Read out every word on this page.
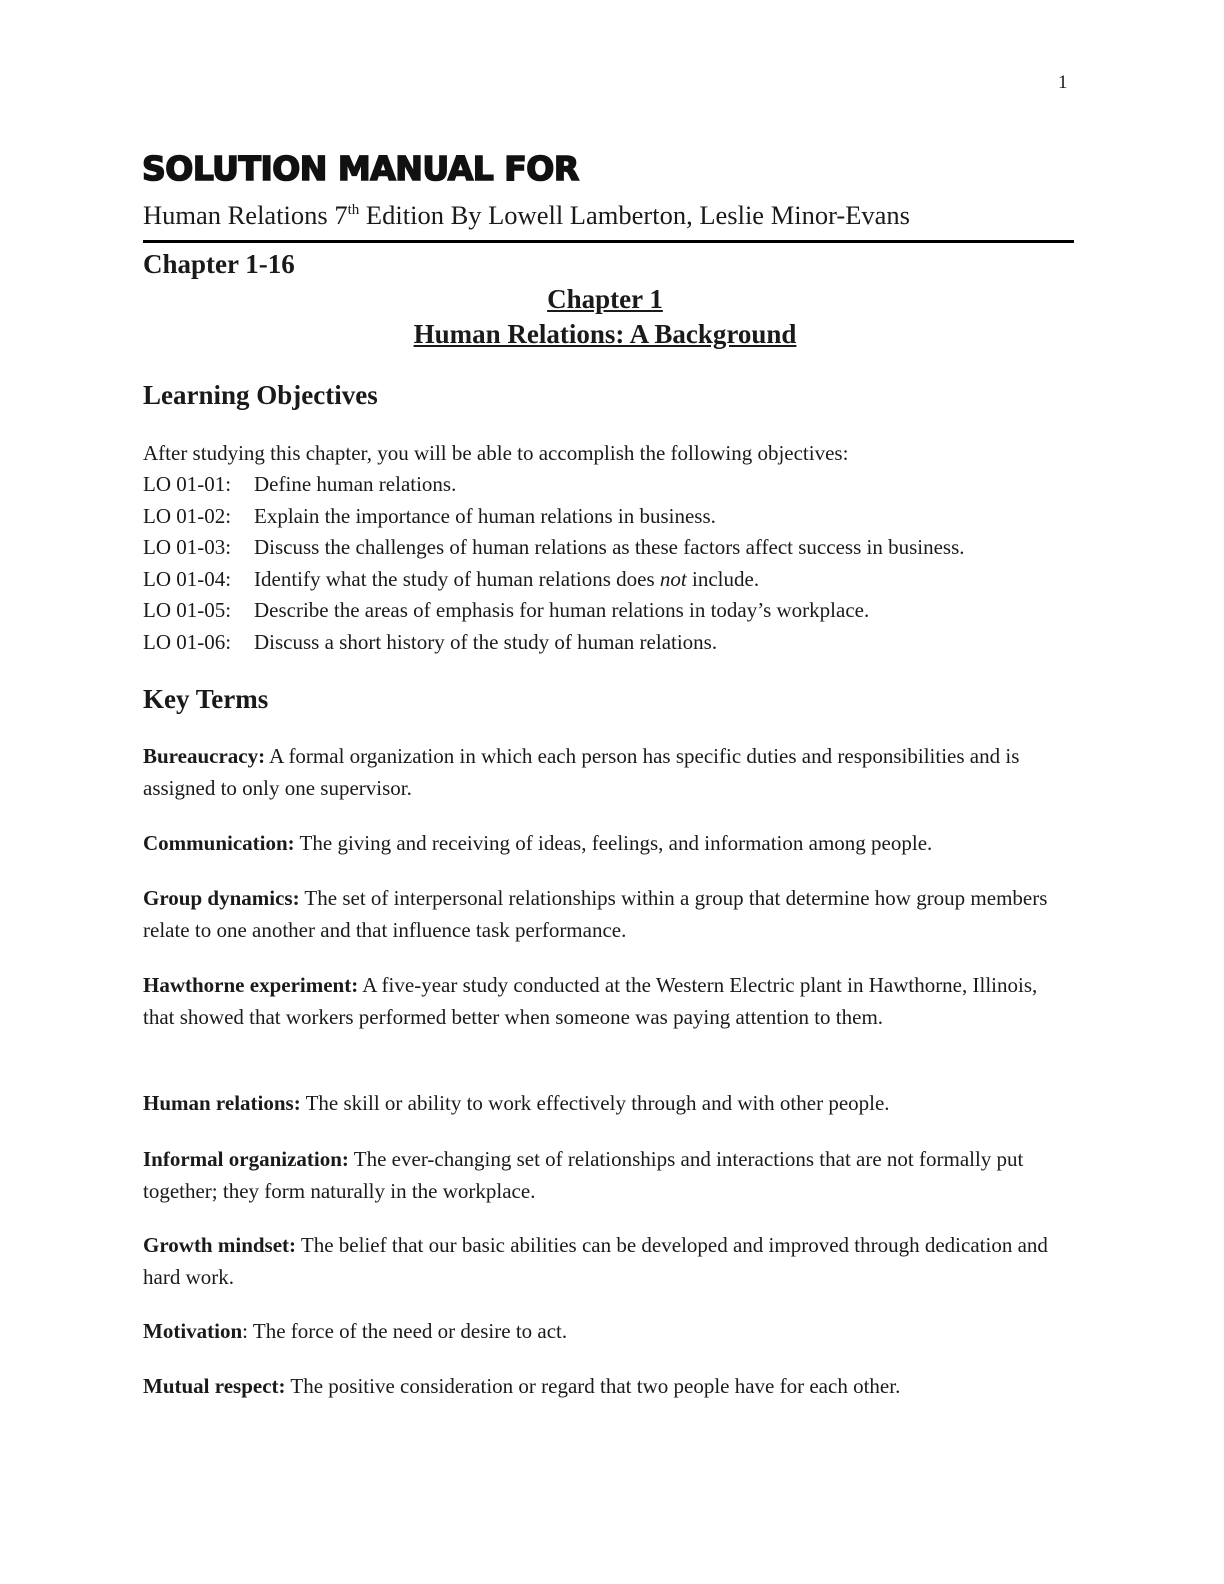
1
SOLUTION MANUAL FOR
Human Relations 7th Edition By Lowell Lamberton, Leslie Minor-Evans
Chapter 1-16
Chapter 1
Human Relations: A Background
Learning Objectives
After studying this chapter, you will be able to accomplish the following objectives:
LO 01-01: Define human relations.
LO 01-02: Explain the importance of human relations in business.
LO 01-03: Discuss the challenges of human relations as these factors affect success in business.
LO 01-04: Identify what the study of human relations does not include.
LO 01-05: Describe the areas of emphasis for human relations in today’s workplace.
LO 01-06: Discuss a short history of the study of human relations.
Key Terms
Bureaucracy: A formal organization in which each person has specific duties and responsibilities and is assigned to only one supervisor.
Communication: The giving and receiving of ideas, feelings, and information among people.
Group dynamics: The set of interpersonal relationships within a group that determine how group members relate to one another and that influence task performance.
Hawthorne experiment: A five-year study conducted at the Western Electric plant in Hawthorne, Illinois, that showed that workers performed better when someone was paying attention to them.
Human relations: The skill or ability to work effectively through and with other people.
Informal organization: The ever-changing set of relationships and interactions that are not formally put together; they form naturally in the workplace.
Growth mindset: The belief that our basic abilities can be developed and improved through dedication and hard work.
Motivation: The force of the need or desire to act.
Mutual respect: The positive consideration or regard that two people have for each other.
